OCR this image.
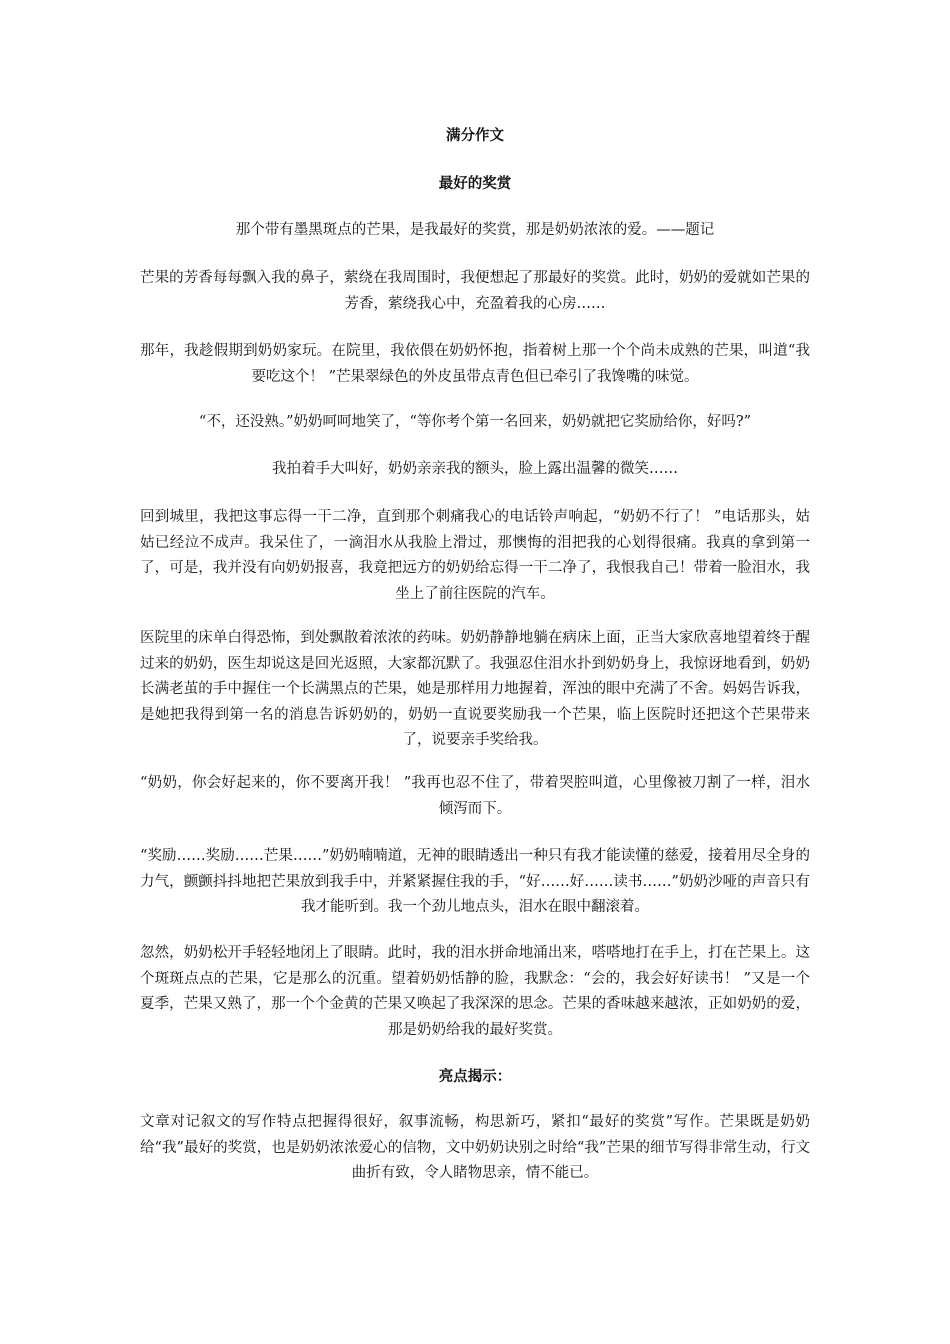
满分作文
最好的奖赏
那个带有墨黑斑点的芒果，是我最好的奖赏，那是奶奶浓浓的爱。——题记
芒果的芳香每每飘入我的鼻子，萦绕在我周围时，我便想起了那最好的奖赏。此时，奶奶的爱就如芒果的芳香，萦绕我心中，充盈着我的心房……
那年，我趁假期到奶奶家玩。在院里，我依偎在奶奶怀抱，指着树上那一个个尚未成熟的芒果，叫道“我要吃这个！ ”芒果翠绿色的外皮虽带点青色但已牵引了我馋嘴的味觉。
“不，还没熟。”奶奶呵呵地笑了，“等你考个第一名回来，奶奶就把它奖励给你，好吗?”
我拍着手大叫好，奶奶亲亲我的额头，脸上露出温馨的微笑……
回到城里，我把这事忘得一干二净，直到那个刺痛我心的电话铃声响起，“奶奶不行了！ ”电话那头，姑姑已经泣不成声。我呆住了，一滴泪水从我脸上滑过，那懊悔的泪把我的心划得很痛。我真的拿到第一了，可是，我并没有向奶奶报喜，我竟把远方的奶奶给忘得一干二净了，我恨我自己！带着一脸泪水，我坐上了前往医院的汽车。
医院里的床单白得恐怖，到处飘散着浓浓的药味。奶奶静静地躺在病床上面，正当大家欣喜地望着终于醒过来的奶奶，医生却说这是回光返照，大家都沉默了。我强忍住泪水扑到奶奶身上，我惊讶地看到，奶奶长满老茧的手中握住一个长满黑点的芒果，她是那样用力地握着，浑浊的眼中充满了不舍。妈妈告诉我，是她把我得到第一名的消息告诉奶奶的，奶奶一直说要奖励我一个芒果，临上医院时还把这个芒果带来了，说要亲手奖给我。
“奶奶，你会好起来的，你不要离开我！ ”我再也忍不住了，带着哭腔叫道，心里像被刀割了一样，泪水倾泻而下。
“奖励……奖励……芒果……”奶奶喃喃道，无神的眼睛透出一种只有我才能读懂的慈爱，接着用尽全身的力气，颤颤抖抖地把芒果放到我手中，并紧紧握住我的手，“好……好……读书……”奶奶沙哑的声音只有我才能听到。我一个劲儿地点头，泪水在眼中翻滚着。
忽然，奶奶松开手轻轻地闭上了眼睛。此时，我的泪水拼命地涌出来，嗒嗒地打在手上，打在芒果上。这个斑斑点点的芒果，它是那么的沉重。望着奶奶恬静的脸，我默念：“会的，我会好好读书！ ”又是一个夏季，芒果又熟了，那一个个金黄的芒果又唤起了我深深的思念。芒果的香味越来越浓，正如奶奶的爱，那是奶奶给我的最好奖赏。
亮点揭示：
文章对记叙文的写作特点把握得很好，叙事流畅，构思新巧，紧扣“最好的奖赏”写作。芒果既是奶奶给“我”最好的奖赏，也是奶奶浓浓爱心的信物，文中奶奶诀别之时给“我”芒果的细节写得非常生动，行文曲折有致，令人睹物思亲，情不能已。
